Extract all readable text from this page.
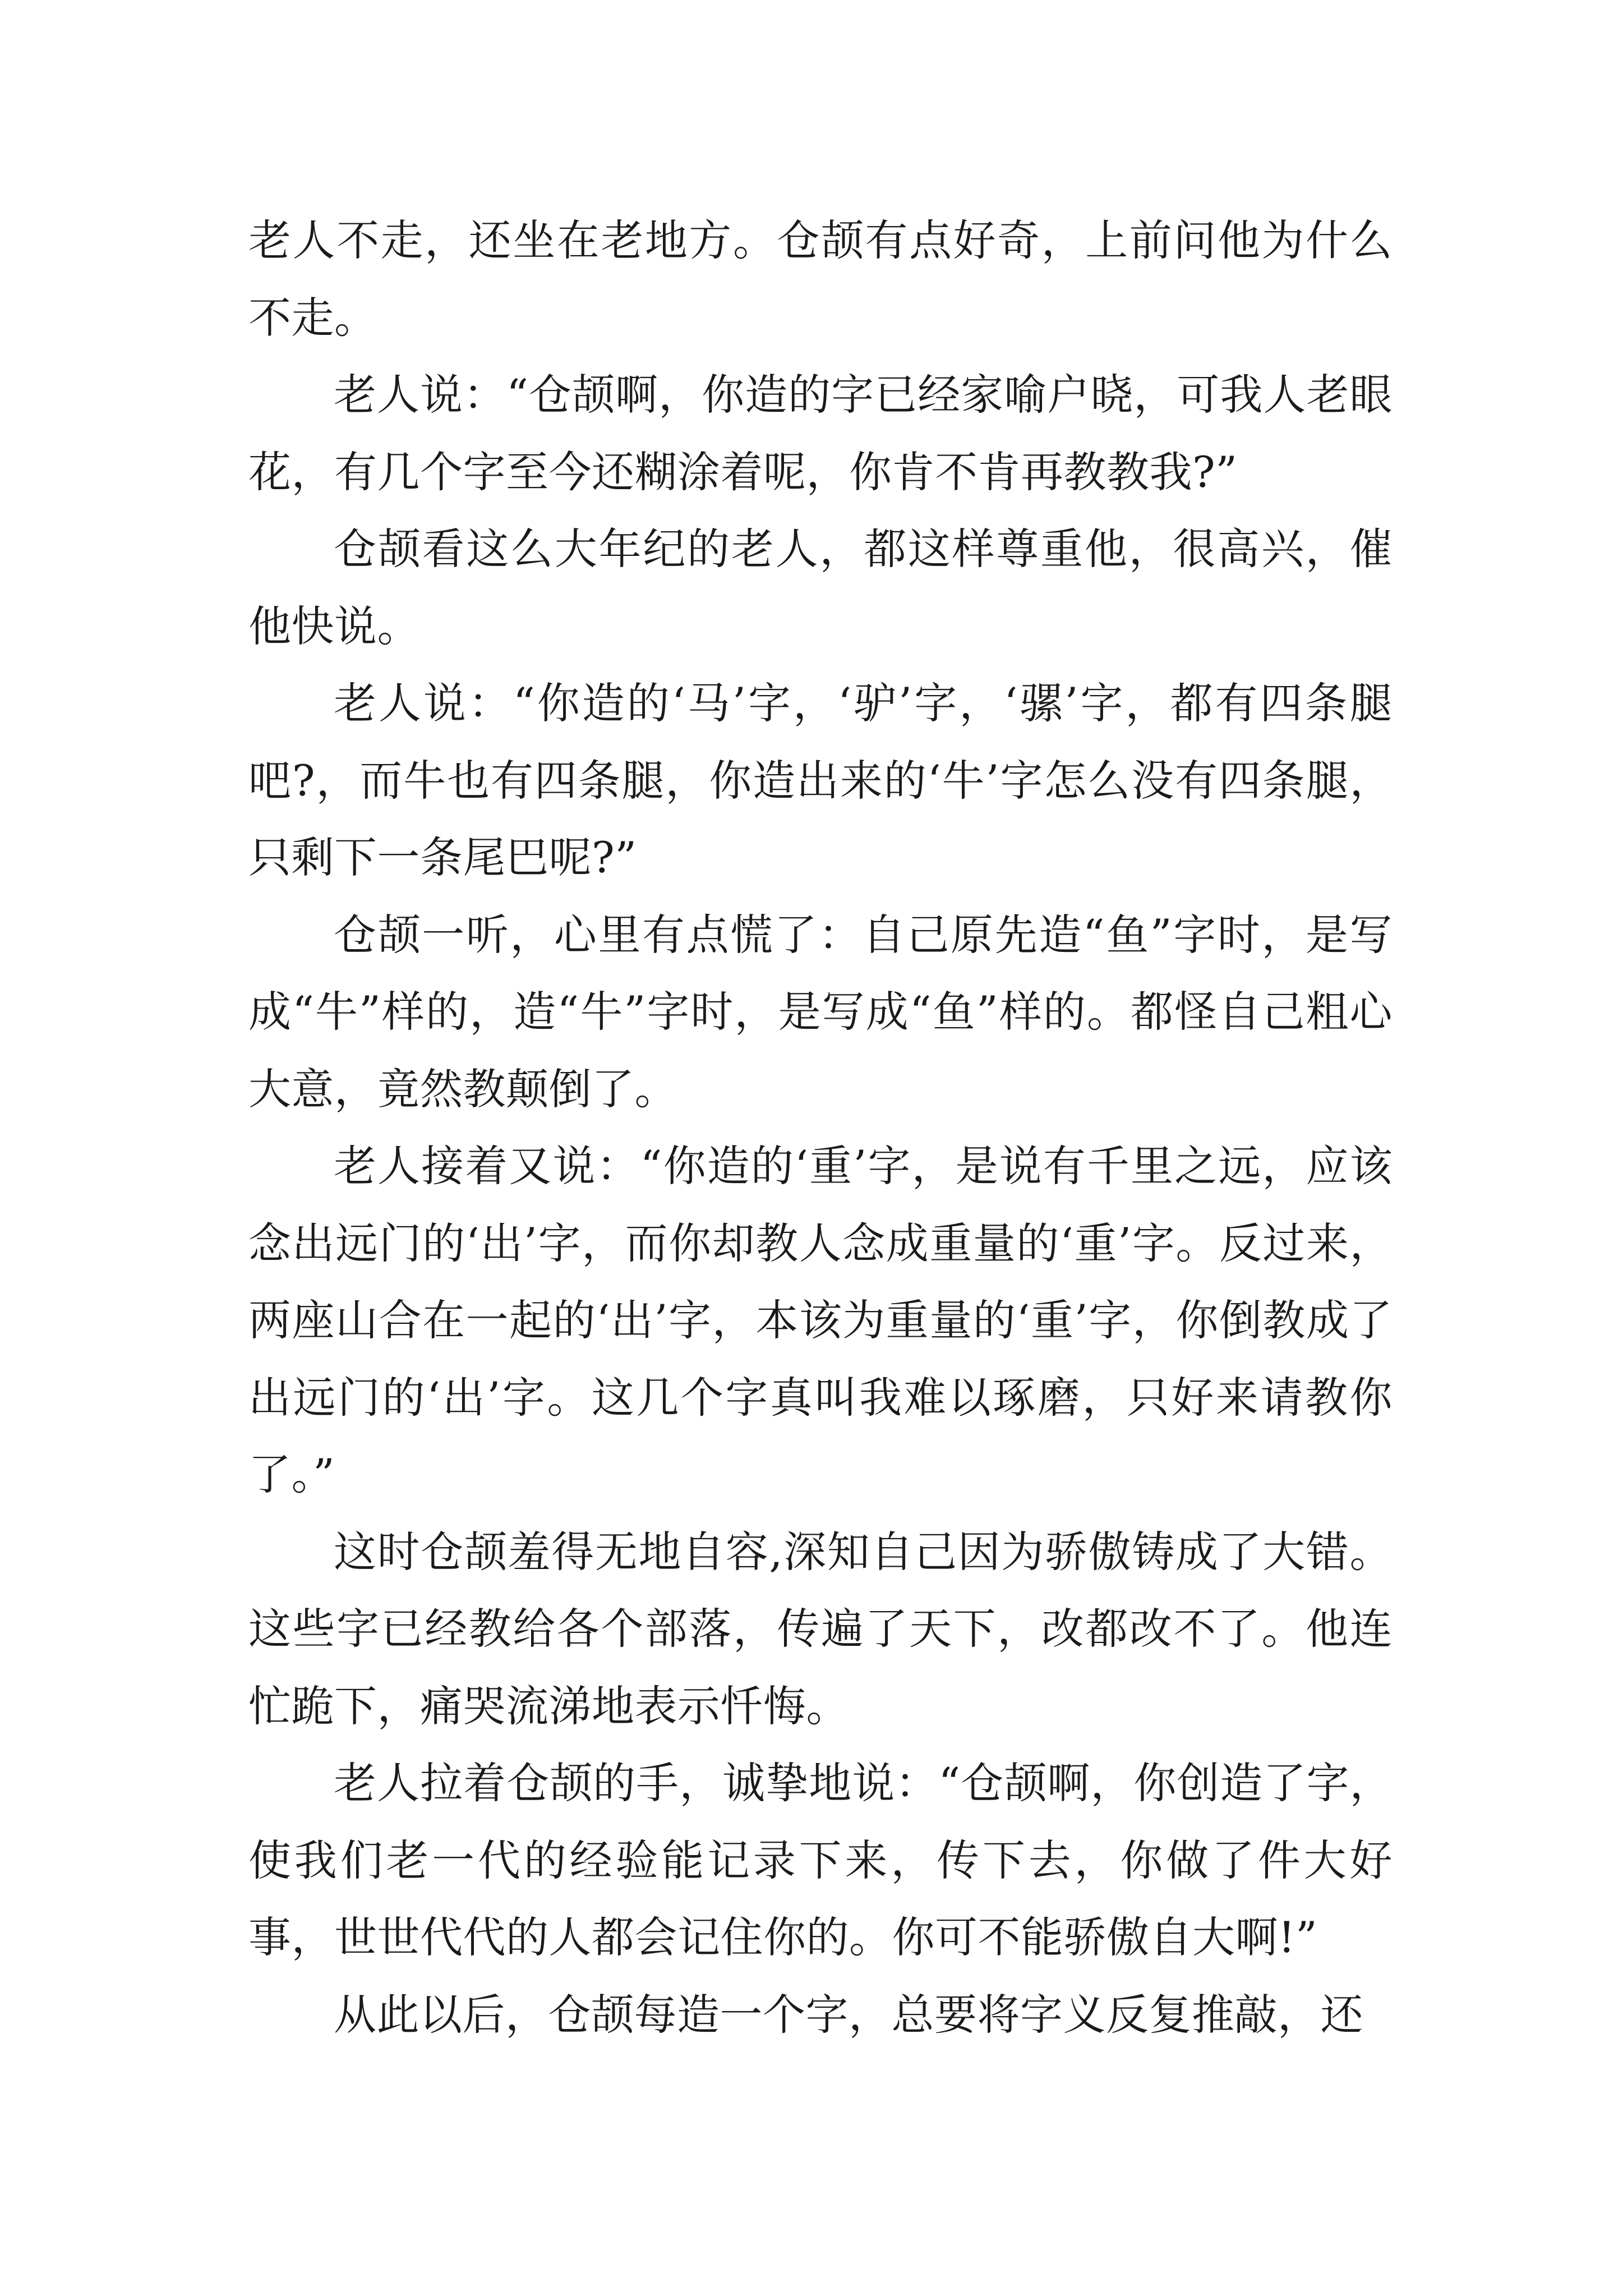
老人不走，还坐在老地方。仓颉有点好奇，上前问他为什么不走。

老人说：“仓颉啊，你造的字已经家喻户晓，可我人老眼花，有几个字至今还糊涂着呢，你肯不肯再教教我?”

仓颉看这么大年纪的老人，都这样尊重他，很高兴，催他快说。

老人说：“你造的‘马’字，‘驴’字，‘骡’字，都有四条腿吧?，而牛也有四条腿，你造出来的‘牛’字怎么没有四条腿，只剩下一条尾巴呢?”

仓颉一听，心里有点慌了：自己原先造“鱼”字时，是写成“牛”样的，造“牛”字时，是写成“鱼”样的。都怪自己粗心大意，竟然教颠倒了。

老人接着又说：“你造的‘重’字，是说有千里之远，应该念出远门的‘出’字，而你却教人念成重量的‘重’字。反过来，两座山合在一起的‘出’字，本该为重量的‘重’字，你倒教成了出远门的‘出’字。这几个字真叫我难以琢磨，只好来请教你了。”

这时仓颉羞得无地自容,深知自己因为骄傲铸成了大错。这些字已经教给各个部落，传遍了天下，改都改不了。他连忙跪下，痛哭流涕地表示忏悔。

老人拉着仓颉的手，诚挚地说：“仓颉啊，你创造了字，使我们老一代的经验能记录下来，传下去，你做了件大好事，世世代代的人都会记住你的。你可不能骄傲自大啊!”

从此以后，仓颉每造一个字，总要将字义反复推敲，还
